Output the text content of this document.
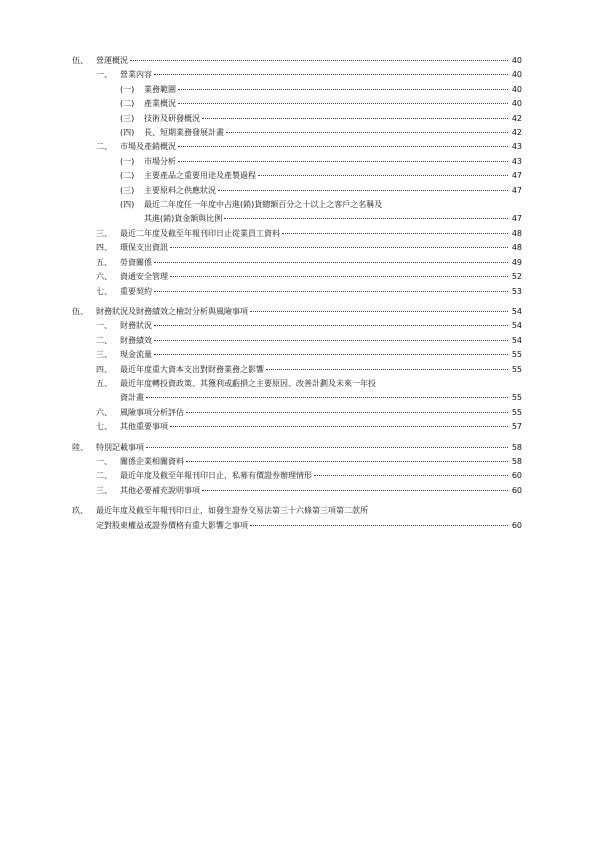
伍、 營運概況	40
一、 營業內容	40
(一) 業務範圍	40
(二) 產業概況	40
(三) 技術及研發概況	42
(四) 長、短期業務發展計畫	42
二、 市場及產銷概況	43
(一) 市場分析	43
(二) 主要產品之重要用途及產製過程	47
(三) 主要原料之供應狀況	47
(四) 最近二年度任一年度中占進(銷)貨總額百分之十以上之客戶之名稱及
其進(銷)貨金額與比例	47
三、 最近二年度及截至年報刊印日止從業員工資料	48
四、 環保支出資訊	48
五、 勞資關係	49
六、 資通安全管理	52
七、 重要契約	53
伍、 財務狀況及財務績效之檢討分析與風險事項	54
一、 財務狀況	54
二、 財務績效	54
三、 現金流量	55
四、 最近年度重大資本支出對財務業務之影響	55
五、 最近年度轉投資政策、其獲利或虧損之主要原因、改善計劃及未來一年投
資計畫	55
六、 風險事項分析評估	55
七、 其他重要事項	57
陸、 特別記載事項	58
一、 關係企業相關資料	58
二、 最近年度及截至年報刊印日止，私募有價證券辦理情形	60
三、 其他必要補充說明事項	60
玖、 最近年度及截至年報刊印日止，如發生證券交易法第三十六條第三項第二款所
定對股東權益或證券價格有重大影響之事項	60
